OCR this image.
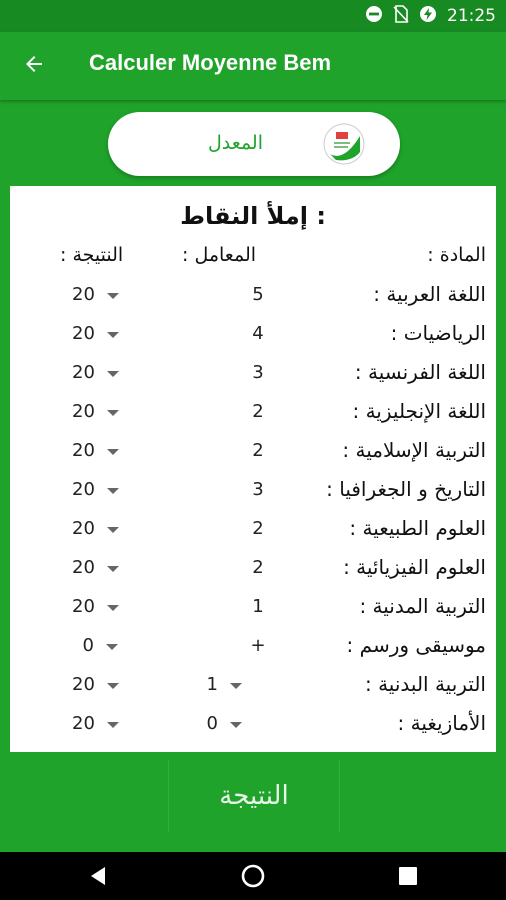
21:25
Calculer Moyenne Bem
المعدل
إملأ النقاط :
المادة :
المعامل :
النتيجة :
اللغة العربية :
5
20
الرياضيات :
4
20
اللغة الفرنسية :
3
20
اللغة الإنجليزية :
2
20
التربية الإسلامية :
2
20
التاريخ و الجغرافيا :
3
20
العلوم الطبيعية :
2
20
العلوم الفيزيائية :
2
20
التربية المدنية :
1
20
موسيقى ورسم :
+
0
التربية البدنية :
1
20
الأمازيغية :
0
20
النتيجة
